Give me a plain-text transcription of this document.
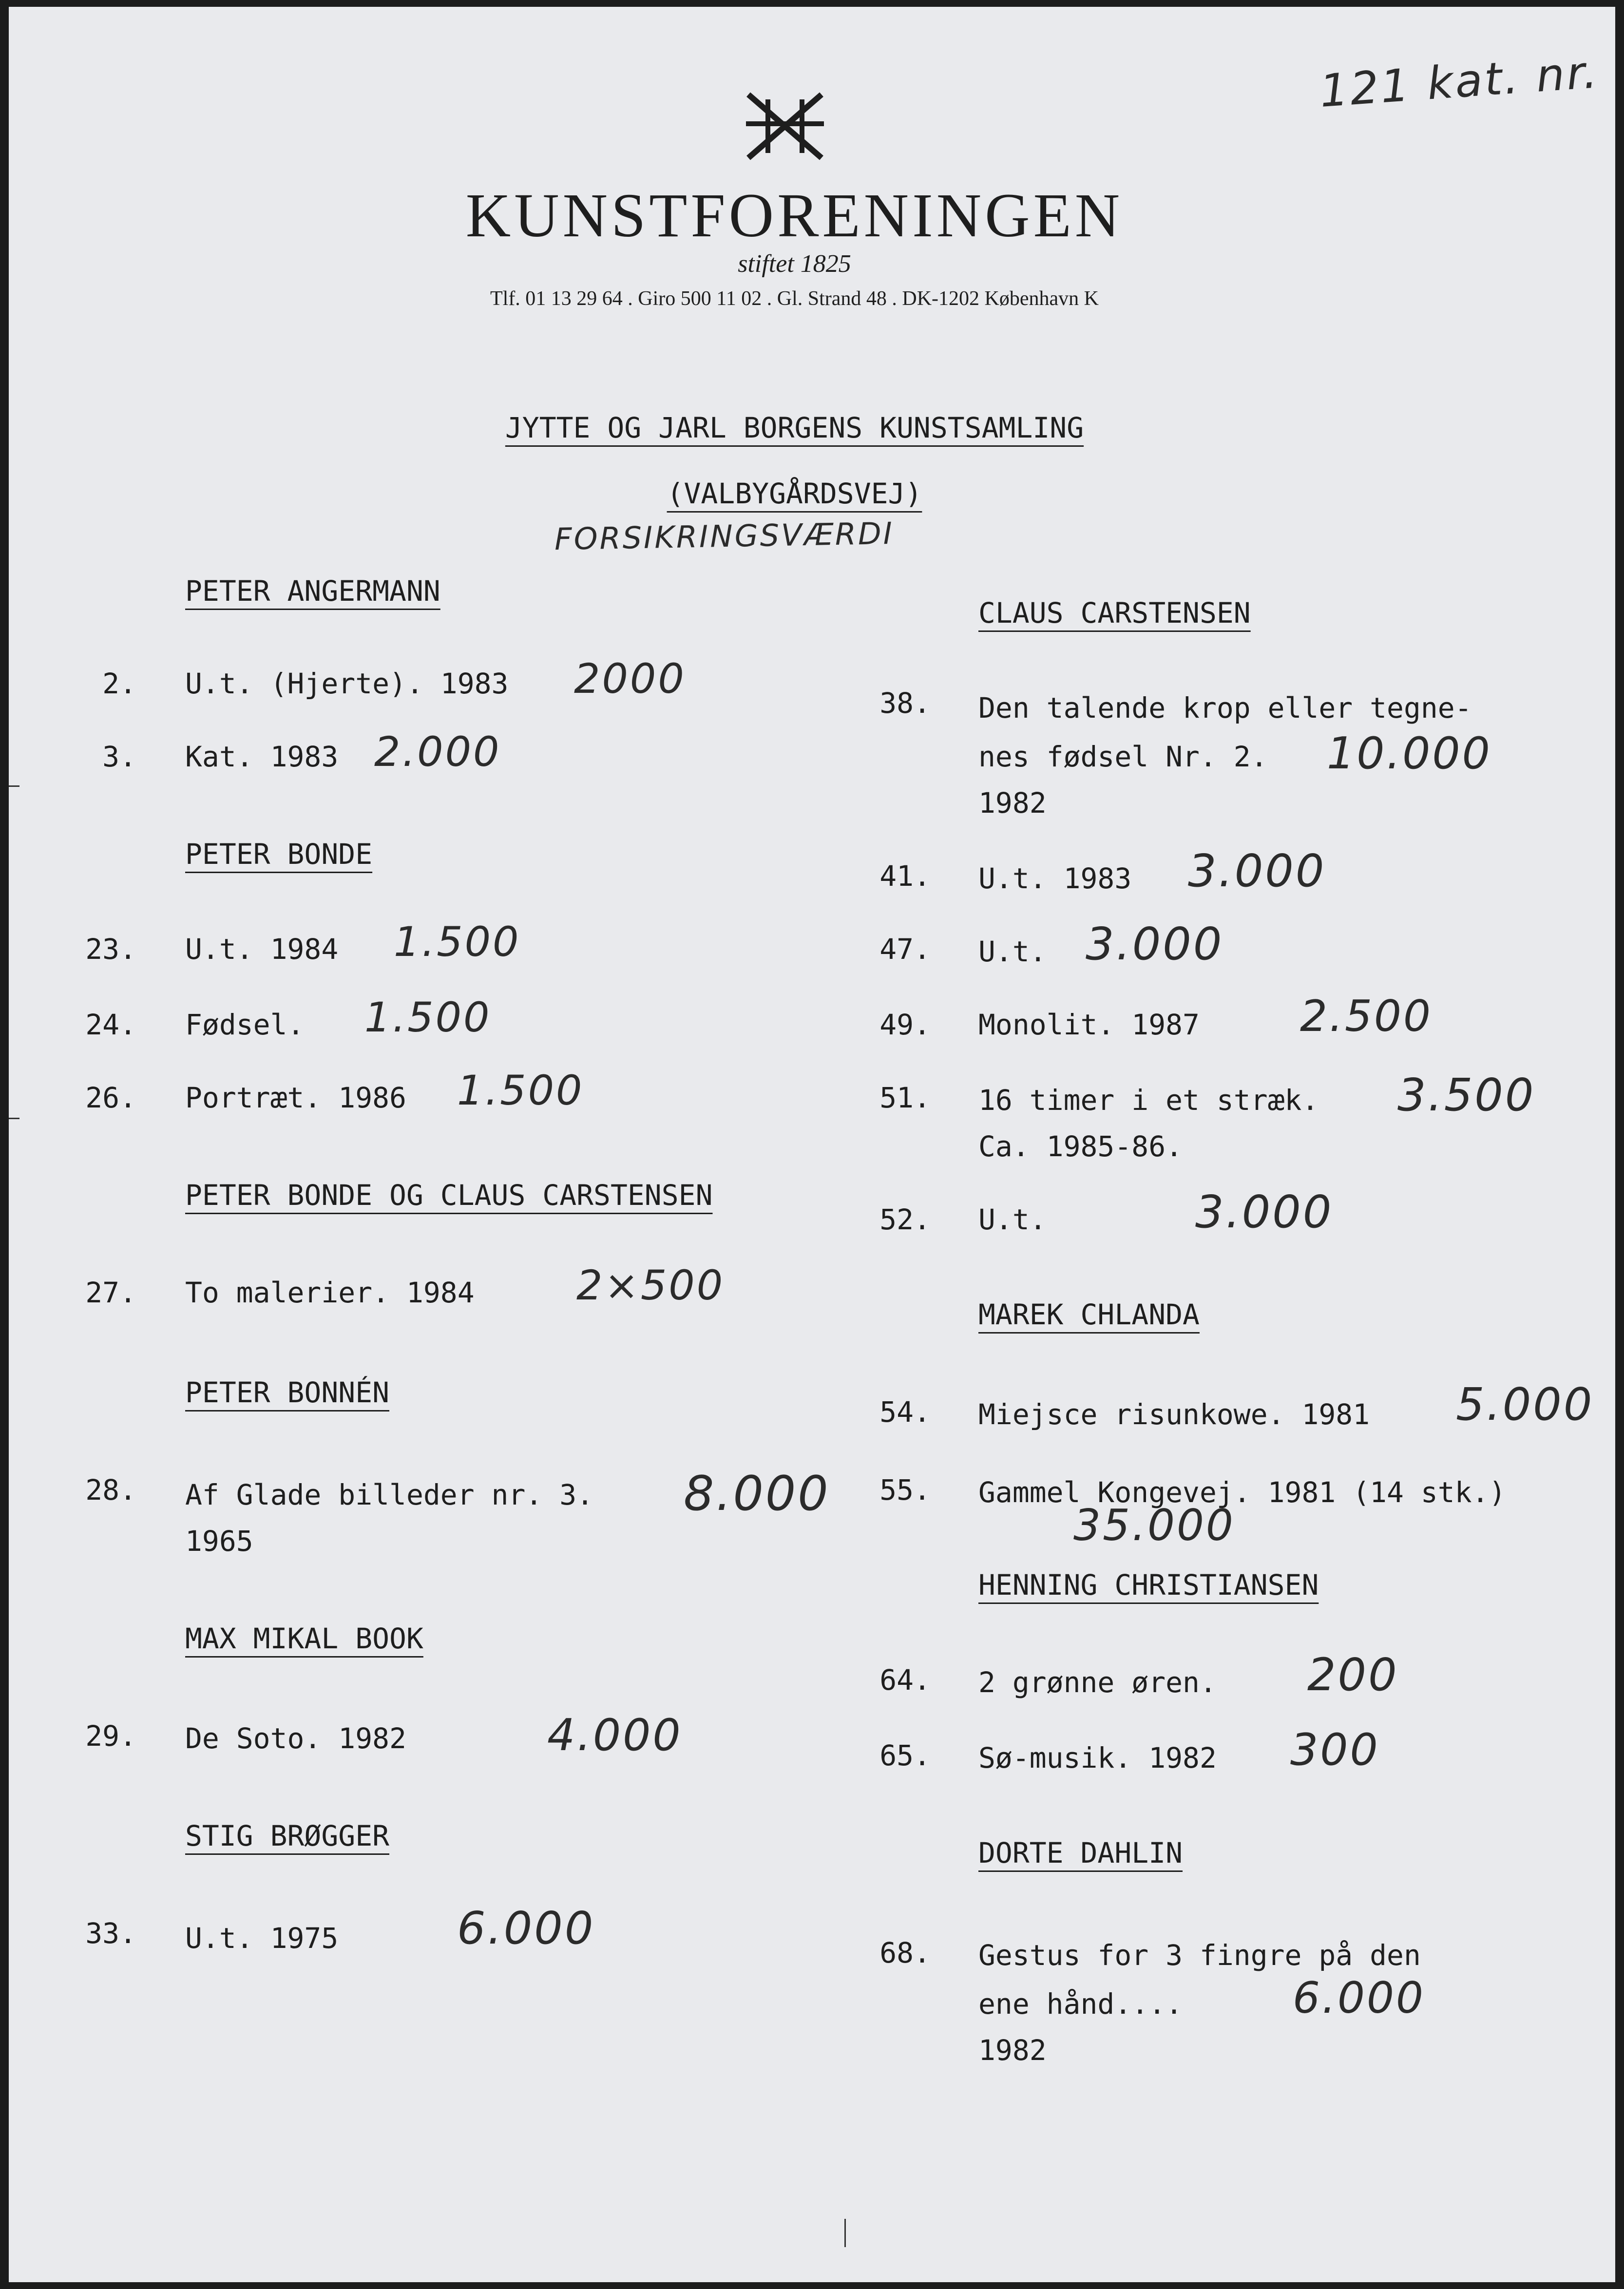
121 kat. nr.
KUNSTFORENINGEN
stiftet 1825
Tlf. 01 13 29 64 . Giro 500 11 02 . Gl. Strand 48 . DK-1202 København K
JYTTE OG JARL BORGENS KUNSTSAMLING
(VALBYGÅRDSVEJ)
FORSIKRINGSVÆRDI
PETER ANGERMANN
2. U.t. (Hjerte). 1983 2000
3. Kat. 1983 2.000
PETER BONDE
23. U.t. 1984 1.500
24. Fødsel. 1.500
26. Portræt. 1986 1.500
PETER BONDE OG CLAUS CARSTENSEN
27. To malerier. 1984 2×500
PETER BONNÉN
28. Af Glade billeder nr. 3.
1965
8.000
MAX MIKAL BOOK
29. De Soto. 1982	4.000
STIG BRØGGER
33. U.t. 1975	6.000
CLAUS CARSTENSEN
38. Den talende krop eller tegne-
nes fødsel Nr. 2.
1982
10.000
41. U.t. 1983 3.000
47. U.t. 3.000
49. Monolit. 1987 2.500
51. 16 timer i et stræk.
Ca. 1985-86.
3.500
52. U.t.	3.000
MAREK CHLANDA
54. Miejsce risunkowe. 1981 5.000
55. Gammel Kongevej. 1981 (14 stk.)
35.000
HENNING CHRISTIANSEN
64. 2 grønne øren. 200
65. Sø-musik. 1982 300
DORTE DAHLIN
68. Gestus for 3 fingre på den
ene hånd....
1982
6.000
